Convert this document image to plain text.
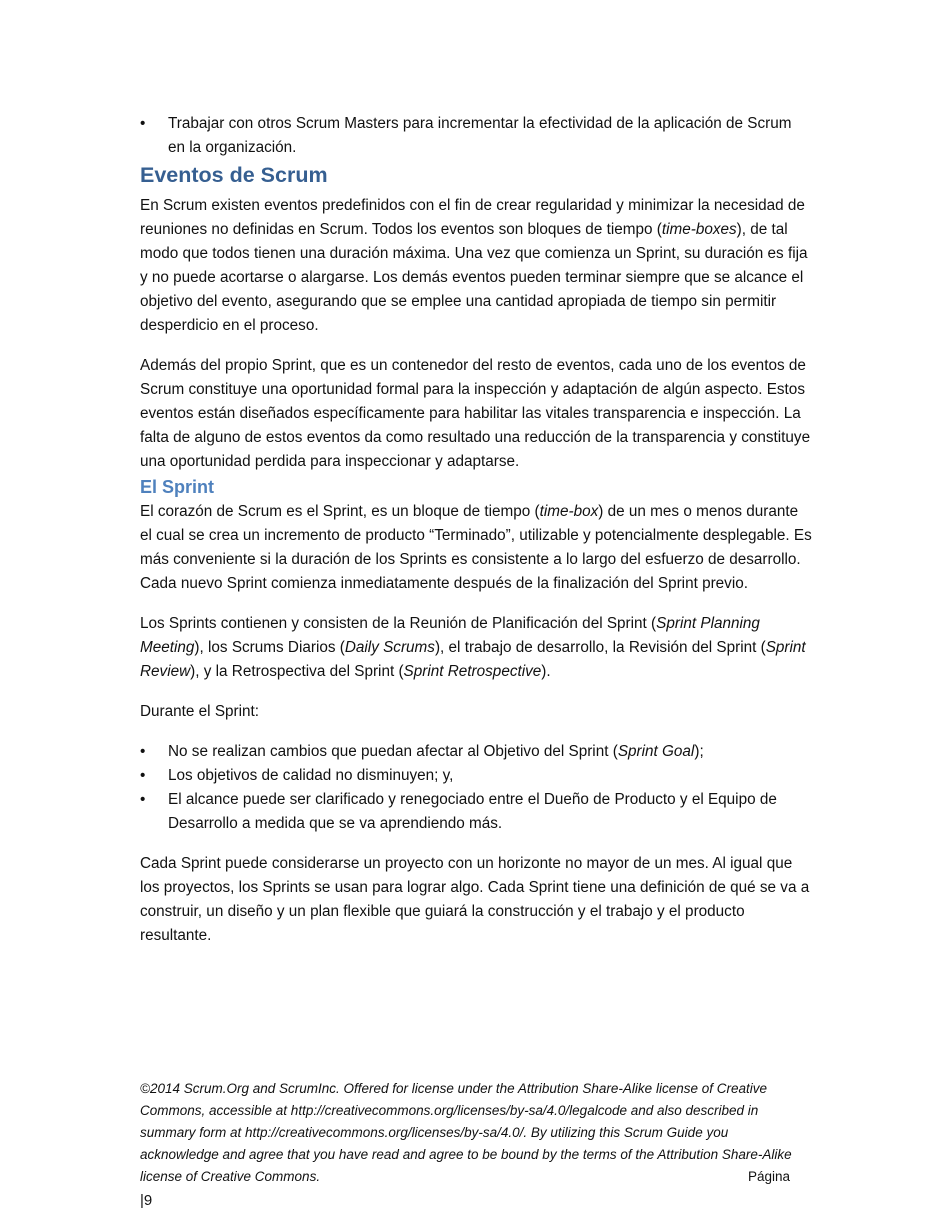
•	Trabajar con otros Scrum Masters para incrementar la efectividad de la aplicación de Scrum en la organización.
Eventos de Scrum

En Scrum existen eventos predefinidos con el fin de crear regularidad y minimizar la necesidad de reuniones no definidas en Scrum. Todos los eventos son bloques de tiempo (time-boxes), de tal modo que todos tienen una duración máxima. Una vez que comienza un Sprint, su duración es fija y no puede acortarse o alargarse. Los demás eventos pueden terminar siempre que se alcance el objetivo del evento, asegurando que se emplee una cantidad apropiada de tiempo sin permitir desperdicio en el proceso.

Además del propio Sprint, que es un contenedor del resto de eventos, cada uno de los eventos de Scrum constituye una oportunidad formal para la inspección y adaptación de algún aspecto. Estos eventos están diseñados específicamente para habilitar las vitales transparencia e inspección. La falta de alguno de estos eventos da como resultado una reducción de la transparencia y constituye una oportunidad perdida para inspeccionar y adaptarse.

El Sprint

El corazón de Scrum es el Sprint, es un bloque de tiempo (time-box) de un mes o menos durante el cual se crea un incremento de producto “Terminado”, utilizable y potencialmente desplegable. Es más conveniente si la duración de los Sprints es consistente a lo largo del esfuerzo de desarrollo. Cada nuevo Sprint comienza inmediatamente después de la finalización del Sprint previo.

Los Sprints contienen y consisten de la Reunión de Planificación del Sprint (Sprint Planning Meeting), los Scrums Diarios (Daily Scrums), el trabajo de desarrollo, la Revisión del Sprint (Sprint Review), y la Retrospectiva del Sprint (Sprint Retrospective).

Durante el Sprint:

•	No se realizan cambios que puedan afectar al Objetivo del Sprint (Sprint Goal);
•	Los objetivos de calidad no disminuyen; y,
•	El alcance puede ser clarificado y renegociado entre el Dueño de Producto y el Equipo de Desarrollo a medida que se va aprendiendo más.

Cada Sprint puede considerarse un proyecto con un horizonte no mayor de un mes. Al igual que los proyectos, los Sprints se usan para lograr algo. Cada Sprint tiene una definición de qué se va a construir, un diseño y un plan flexible que guiará la construcción y el trabajo y el producto resultante.

©2014 Scrum.Org and ScrumInc. Offered for license under the Attribution Share-Alike license of Creative Commons, accessible at http://creativecommons.org/licenses/by-sa/4.0/legalcode and also described in summary form at http://creativecommons.org/licenses/by-sa/4.0/. By utilizing this Scrum Guide you acknowledge and agree that you have read and agree to be bound by the terms of the Attribution Share-Alike license of Creative Commons.	Página
|9
